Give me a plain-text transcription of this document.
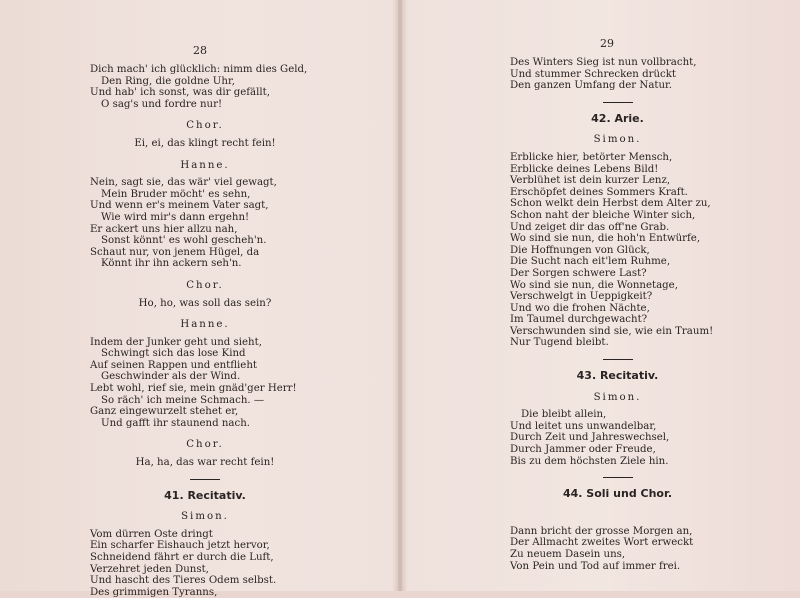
28
Dich mach' ich glücklich: nimm dies Geld,
Den Ring, die goldne Uhr,
Und hab' ich sonst, was dir gefällt,
O sag's und fordre nur!
Chor.
Ei, ei, das klingt recht fein!
Hanne.
Nein, sagt sie, das wär' viel gewagt,
Mein Bruder möcht' es sehn,
Und wenn er's meinem Vater sagt,
Wie wird mir's dann ergehn!
Er ackert uns hier allzu nah,
Sonst könnt' es wohl gescheh'n.
Schaut nur, von jenem Hügel, da
Könnt ihr ihn ackern seh'n.
Chor.
Ho, ho, was soll das sein?
Hanne.
Indem der Junker geht und sieht,
Schwingt sich das lose Kind
Auf seinen Rappen und entflieht
Geschwinder als der Wind.
Lebt wohl, rief sie, mein gnäd'ger Herr!
So räch' ich meine Schmach. —
Ganz eingewurzelt stehet er,
Und gafft ihr staunend nach.
Chor.
Ha, ha, das war recht fein!
41. Recitativ.
Simon.
Vom dürren Oste dringt
Ein scharfer Eishauch jetzt hervor,
Schneidend fährt er durch die Luft,
Verzehret jeden Dunst,
Und hascht des Tieres Odem selbst.
Des grimmigen Tyranns,
29
Des Winters Sieg ist nun vollbracht,
Und stummer Schrecken drückt
Den ganzen Umfang der Natur.
42. Arie.
Simon.
Erblicke hier, betörter Mensch,
Erblicke deines Lebens Bild!
Verblühet ist dein kurzer Lenz,
Erschöpfet deines Sommers Kraft.
Schon welkt dein Herbst dem Alter zu,
Schon naht der bleiche Winter sich,
Und zeiget dir das off'ne Grab.
Wo sind sie nun, die hoh'n Entwürfe,
Die Hoffnungen von Glück,
Die Sucht nach eit'lem Ruhme,
Der Sorgen schwere Last?
Wo sind sie nun, die Wonnetage,
Verschwelgt in Ueppigkeit?
Und wo die frohen Nächte,
Im Taumel durchgewacht?
Verschwunden sind sie, wie ein Traum!
Nur Tugend bleibt.
43. Recitativ.
Simon.
Die bleibt allein,
Und leitet uns unwandelbar,
Durch Zeit und Jahreswechsel,
Durch Jammer oder Freude,
Bis zu dem höchsten Ziele hin.
44. Soli und Chor.
Dann bricht der grosse Morgen an,
Der Allmacht zweites Wort erweckt
Zu neuem Dasein uns,
Von Pein und Tod auf immer frei.
